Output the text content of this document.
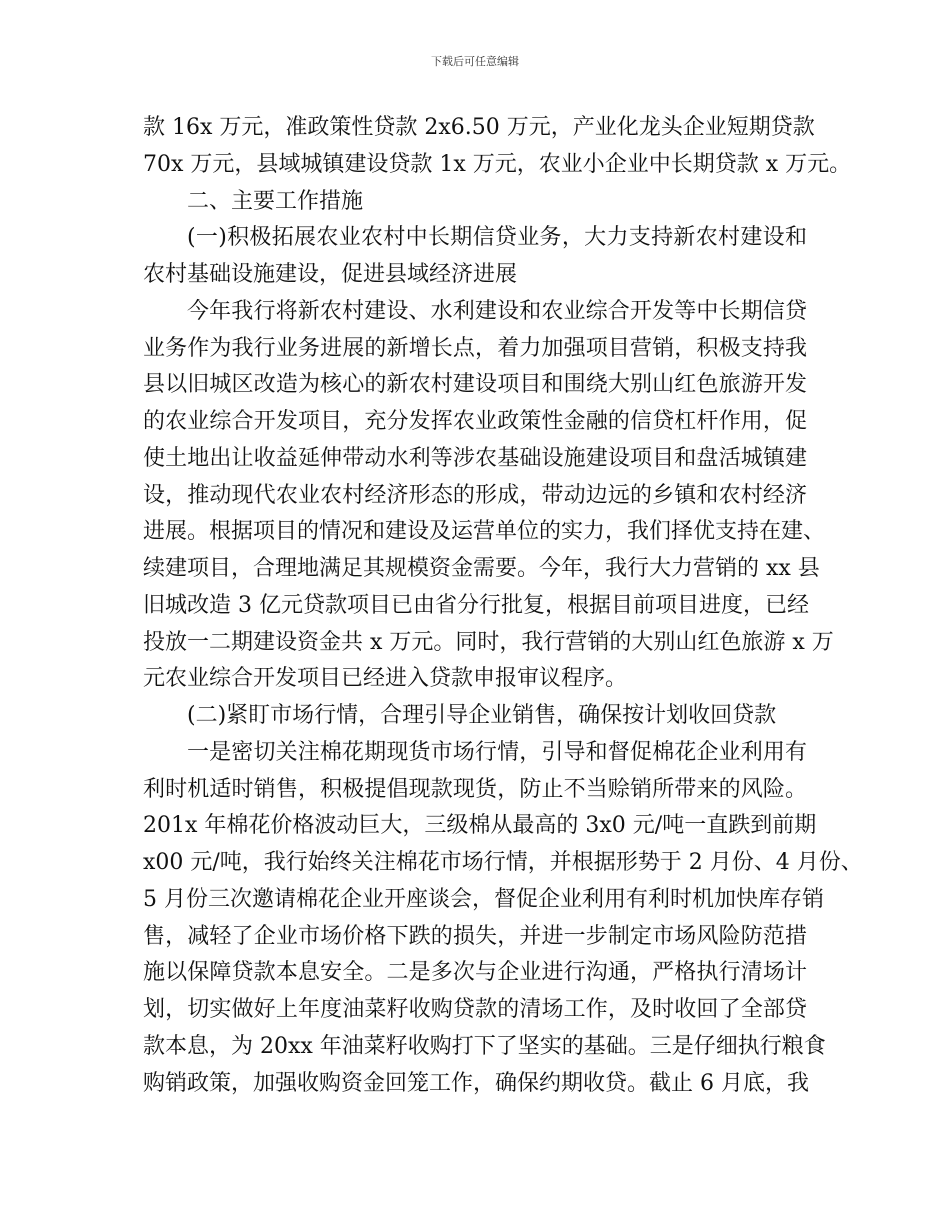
下载后可任意编辑
款 16x 万元，准政策性贷款 2x6.50 万元，产业化龙头企业短期贷款
70x 万元，县域城镇建设贷款 1x 万元，农业小企业中长期贷款 x 万元。
二、主要工作措施
(一)积极拓展农业农村中长期信贷业务，大力支持新农村建设和
农村基础设施建设，促进县域经济进展
今年我行将新农村建设、水利建设和农业综合开发等中长期信贷
业务作为我行业务进展的新增长点，着力加强项目营销，积极支持我
县以旧城区改造为核心的新农村建设项目和围绕大别山红色旅游开发
的农业综合开发项目，充分发挥农业政策性金融的信贷杠杆作用，促
使土地出让收益延伸带动水利等涉农基础设施建设项目和盘活城镇建
设，推动现代农业农村经济形态的形成，带动边远的乡镇和农村经济
进展。根据项目的情况和建设及运营单位的实力，我们择优支持在建、
续建项目，合理地满足其规模资金需要。今年，我行大力营销的 xx 县
旧城改造 3 亿元贷款项目已由省分行批复，根据目前项目进度，已经
投放一二期建设资金共 x 万元。同时，我行营销的大别山红色旅游 x 万
元农业综合开发项目已经进入贷款申报审议程序。
(二)紧盯市场行情，合理引导企业销售，确保按计划收回贷款
一是密切关注棉花期现货市场行情，引导和督促棉花企业利用有
利时机适时销售，积极提倡现款现货，防止不当赊销所带来的风险。
201x 年棉花价格波动巨大，三级棉从最高的 3x0 元/吨一直跌到前期
x00 元/吨，我行始终关注棉花市场行情，并根据形势于 2 月份、4 月份、
5 月份三次邀请棉花企业开座谈会，督促企业利用有利时机加快库存销
售，减轻了企业市场价格下跌的损失，并进一步制定市场风险防范措
施以保障贷款本息安全。二是多次与企业进行沟通，严格执行清场计
划，切实做好上年度油菜籽收购贷款的清场工作，及时收回了全部贷
款本息，为 20xx 年油菜籽收购打下了坚实的基础。三是仔细执行粮食
购销政策，加强收购资金回笼工作，确保约期收贷。截止 6 月底，我
